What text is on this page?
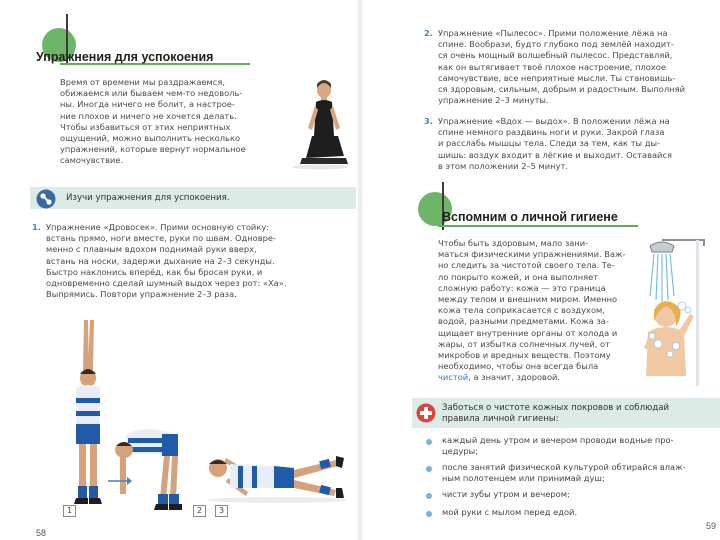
Упражнения для успокоения

Время от времени мы раздражаемся,

обижаемся или бываем чем-то недоволь-

ны. Иногда ничего не болит, а настрое-

ние плохое и ничего не хочется делать.

Чтобы избавиться от этих неприятных

ощущений, можно выполнить несколько

упражнений, которые вернут нормальное

самочувствие.

Изучи упражнения для успокоения.
1. Упражнение «Дровосек». Прими основную стойку:

встань прямо, ноги вместе, руки по швам. Одновре-

менно с плавным вдохом поднимай руки вверх,

встань на носки, задержи дыхание на 2–3 секунды.

Быстро наклонись вперёд, как бы бросая руки, и

одновременно сделай шумный выдох через рот: «Ха».

Выпрямись. Повтори упражнение 2–3 раза.

1	2	3
58
2. Упражнение «Пылесос». Прими положение лёжа на

спине. Вообрази, будто глубоко под землёй находит-

ся очень мощный волшебный пылесос. Представляй,

как он вытягивает твоё плохое настроение, плохое

самочувствие, все неприятные мысли. Ты становишь-

ся здоровым, сильным, добрым и радостным. Выполняй

упражнение 2–3 минуты.

3. Упражнение «Вдох — выдох». В положении лёжа на

спине немного раздвинь ноги и руки. Закрой глаза

и расслабь мышцы тела. Следи за тем, как ты ды-

шишь: воздух входит в лёгкие и выходит. Оставайся

в этом положении 2–5 минут.

Вспомним о личной гигиене

Чтобы быть здоровым, мало зани-

маться физическими упражнениями. Важ-

но следить за чистотой своего тела. Те-

ло покрыто кожей, и она выполняет

сложную работу: кожа — это граница

между телом и внешним миром. Именно

кожа тела соприкасается с воздухом,

водой, разными предметами. Кожа за-

щищает внутренние органы от холода и

жары, от избытка солнечных лучей, от

микробов и вредных веществ. Поэтому

необходимо, чтобы она всегда была

чистой, а значит, здоровой.

Заботься о чистоте кожных покровов и соблюдай
правила личной гигиены:
каждый день утром и вечером проводи водные про-
цедуры;
после занятий физической культурой обтирайся влаж-
ным полотенцем или принимай душ;
чисти зубы утром и вечером;
мой руки с мылом перед едой.
59
